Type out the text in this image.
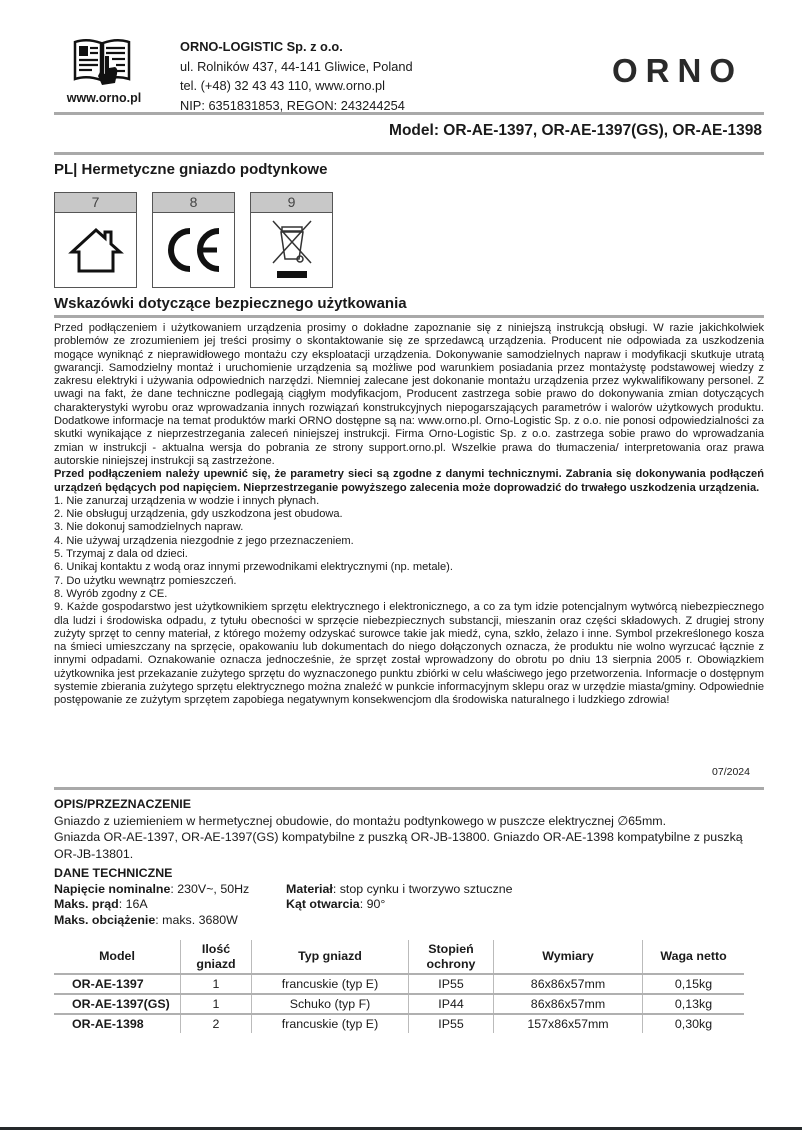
www.orno.pl
ORNO-LOGISTIC Sp. z o.o.
ul. Rolników 437, 44-141 Gliwice, Poland
tel. (+48) 32 43 43 110, www.orno.pl
NIP: 6351831853, REGON: 243244254
ORNO
Model: OR-AE-1397, OR-AE-1397(GS), OR-AE-1398
PL| Hermetyczne gniazdo podtynkowe
7	8	9
Wskazówki dotyczące bezpiecznego użytkowania

Przed podłączeniem i użytkowaniem urządzenia prosimy o dokładne zapoznanie się z niniejszą instrukcją obsługi. W razie jakichkolwiek problemów ze zrozumieniem jej treści prosimy o skontaktowanie się ze sprzedawcą urządzenia. Producent nie odpowiada za uszkodzenia mogące wyniknąć z nieprawidłowego montażu czy eksploatacji urządzenia. Dokonywanie samodzielnych napraw i modyfikacji skutkuje utratą gwarancji. Samodzielny montaż i uruchomienie urządzenia są możliwe pod warunkiem posiadania przez montażystę podstawowej wiedzy z zakresu elektryki i używania odpowiednich narzędzi. Niemniej zalecane jest dokonanie montażu urządzenia przez wykwalifikowany personel. Z uwagi na fakt, że dane techniczne podlegają ciągłym modyfikacjom, Producent zastrzega sobie prawo do dokonywania zmian dotyczących charakterystyki wyrobu oraz wprowadzania innych rozwiązań konstrukcyjnych niepogarszających parametrów i walorów użytkowych produktu. Dodatkowe informacje na temat produktów marki ORNO dostępne są na: www.orno.pl. Orno-Logistic Sp. z o.o. nie ponosi odpowiedzialności za skutki wynikające z nieprzestrzegania zaleceń niniejszej instrukcji. Firma Orno-Logistic Sp. z o.o. zastrzega sobie prawo do wprowadzania zmian w instrukcji - aktualna wersja do pobrania ze strony support.orno.pl. Wszelkie prawa do tłumaczenia/ interpretowania oraz prawa autorskie niniejszej instrukcji są zastrzeżone.

Przed podłączeniem należy upewnić się, że parametry sieci są zgodne z danymi technicznymi. Zabrania się dokonywania podłączeń urządzeń będących pod napięciem. Nieprzestrzeganie powyższego zalecenia może doprowadzić do trwałego uszkodzenia urządzenia.

1. Nie zanurzaj urządzenia w wodzie i innych płynach.
2. Nie obsługuj urządzenia, gdy uszkodzona jest obudowa.
3. Nie dokonuj samodzielnych napraw.
4. Nie używaj urządzenia niezgodnie z jego przeznaczeniem.
5. Trzymaj z dala od dzieci.
6. Unikaj kontaktu z wodą oraz innymi przewodnikami elektrycznymi (np. metale).
7. Do użytku wewnątrz pomieszczeń.
8. Wyrób zgodny z CE.
9. Każde gospodarstwo jest użytkownikiem sprzętu elektrycznego i elektronicznego, a co za tym idzie potencjalnym wytwórcą niebezpiecznego dla ludzi i środowiska odpadu, z tytułu obecności w sprzęcie niebezpiecznych substancji, mieszanin oraz części składowych. Z drugiej strony zużyty sprzęt to cenny materiał, z którego możemy odzyskać surowce takie jak miedź, cyna, szkło, żelazo i inne. Symbol przekreślonego kosza na śmieci umieszczany na sprzęcie, opakowaniu lub dokumentach do niego dołączonych oznacza, że produktu nie wolno wyrzucać łącznie z innymi odpadami. Oznakowanie oznacza jednocześnie, że sprzęt został wprowadzony do obrotu po dniu 13 sierpnia 2005 r. Obowiązkiem użytkownika jest przekazanie zużytego sprzętu do wyznaczonego punktu zbiórki w celu właściwego jego przetworzenia. Informacje o dostępnym systemie zbierania zużytego sprzętu elektrycznego można znaleźć w punkcie informacyjnym sklepu oraz w urzędzie miasta/gminy. Odpowiednie postępowanie ze zużytym sprzętem zapobiega negatywnym konsekwencjom dla środowiska naturalnego i ludzkiego zdrowia!
07/2024
OPIS/PRZEZNACZENIE
Gniazdo z uziemieniem w hermetycznej obudowie, do montażu podtynkowego w puszcze elektrycznej ∅65mm.
Gniazda OR-AE-1397, OR-AE-1397(GS) kompatybilne z puszką OR-JB-13800. Gniazdo OR-AE-1398 kompatybilne z puszką OR-JB-13801.
DANE TECHNICZNE
Napięcie nominalne: 230V~, 50Hz	Materiał: stop cynku i tworzywo sztuczne
Maks. prąd: 16A	Kąt otwarcia: 90°
Maks. obciążenie: maks. 3680W
Model	Ilość gniazd	Typ gniazd	Stopień ochrony	Wymiary	Waga netto
OR-AE-1397	1	francuskie (typ E)	IP55	86x86x57mm	0,15kg
OR-AE-1397(GS)	1	Schuko (typ F)	IP44	86x86x57mm	0,13kg
OR-AE-1398	2	francuskie (typ E)	IP55	157x86x57mm	0,30kg
